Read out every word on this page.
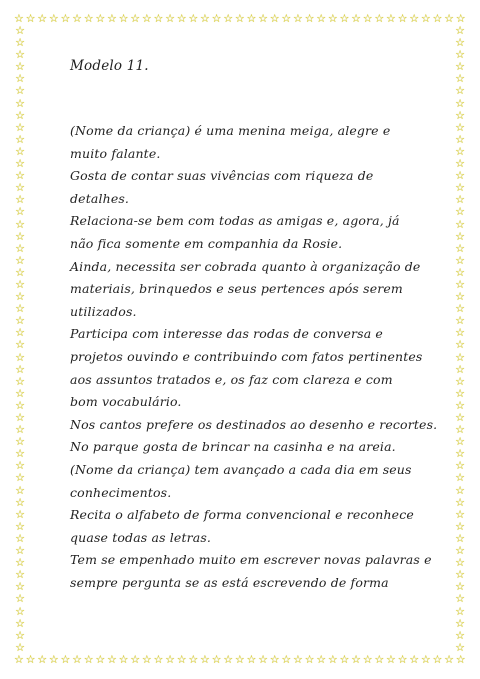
☆ ☆ ☆ ☆ ☆ ☆ ☆ ☆ ☆ ☆ ☆ ☆ ☆ ☆ ☆ ☆ ☆ ☆ ☆ ☆ ☆ ☆ ☆ ☆ ☆ ☆ ☆ ☆ ☆ ☆ ☆ ☆ ☆ ☆ ☆ ☆ ☆ ☆ ☆
☆ ☆ ☆ ☆ ☆ ☆ ☆ ☆ ☆ ☆ ☆ ☆ ☆ ☆ ☆ ☆ ☆ ☆ ☆ ☆ ☆ ☆ ☆ ☆ ☆ ☆ ☆ ☆ ☆ ☆ ☆ ☆ ☆ ☆ ☆ ☆ ☆ ☆ ☆
☆
☆
☆
☆
☆
☆
☆
☆
☆
☆
☆
☆
☆
☆
☆
☆
☆
☆
☆
☆
☆
☆
☆
☆
☆
☆
☆
☆
☆
☆
☆
☆
☆
☆
☆
☆
☆
☆
☆
☆
☆
☆
☆
☆
☆
☆
☆
☆
☆
☆
☆
☆
☆
☆
☆
☆
☆
☆
☆
☆
☆
☆
☆
☆
☆
☆
☆
☆
☆
☆
☆
☆
☆
☆
☆
☆
☆
☆
☆
☆
☆
☆
☆
☆
☆
☆
☆
☆
☆
☆
☆
☆
☆
☆
☆
☆
☆
☆
☆
☆
☆
☆
☆
☆

Modelo 11.

(Nome da criança) é uma menina meiga, alegre e

muito falante.

Gosta de contar suas vivências com riqueza de

detalhes.

Relaciona-se bem com todas as amigas e, agora, já

não fica somente em companhia da Rosie.

Ainda, necessita ser cobrada quanto à organização de

materiais, brinquedos e seus pertences após serem

utilizados.

Participa com interesse das rodas de conversa e

projetos ouvindo e contribuindo com fatos pertinentes

aos assuntos tratados e, os faz com clareza e com

bom vocabulário.

Nos cantos prefere os destinados ao desenho e recortes.

No parque gosta de brincar na casinha e na areia.

(Nome da criança) tem avançado a cada dia em seus

conhecimentos.

Recita o alfabeto de forma convencional e reconhece

quase todas as letras.

Tem se empenhado muito em escrever novas palavras e

sempre pergunta se as está escrevendo de forma
